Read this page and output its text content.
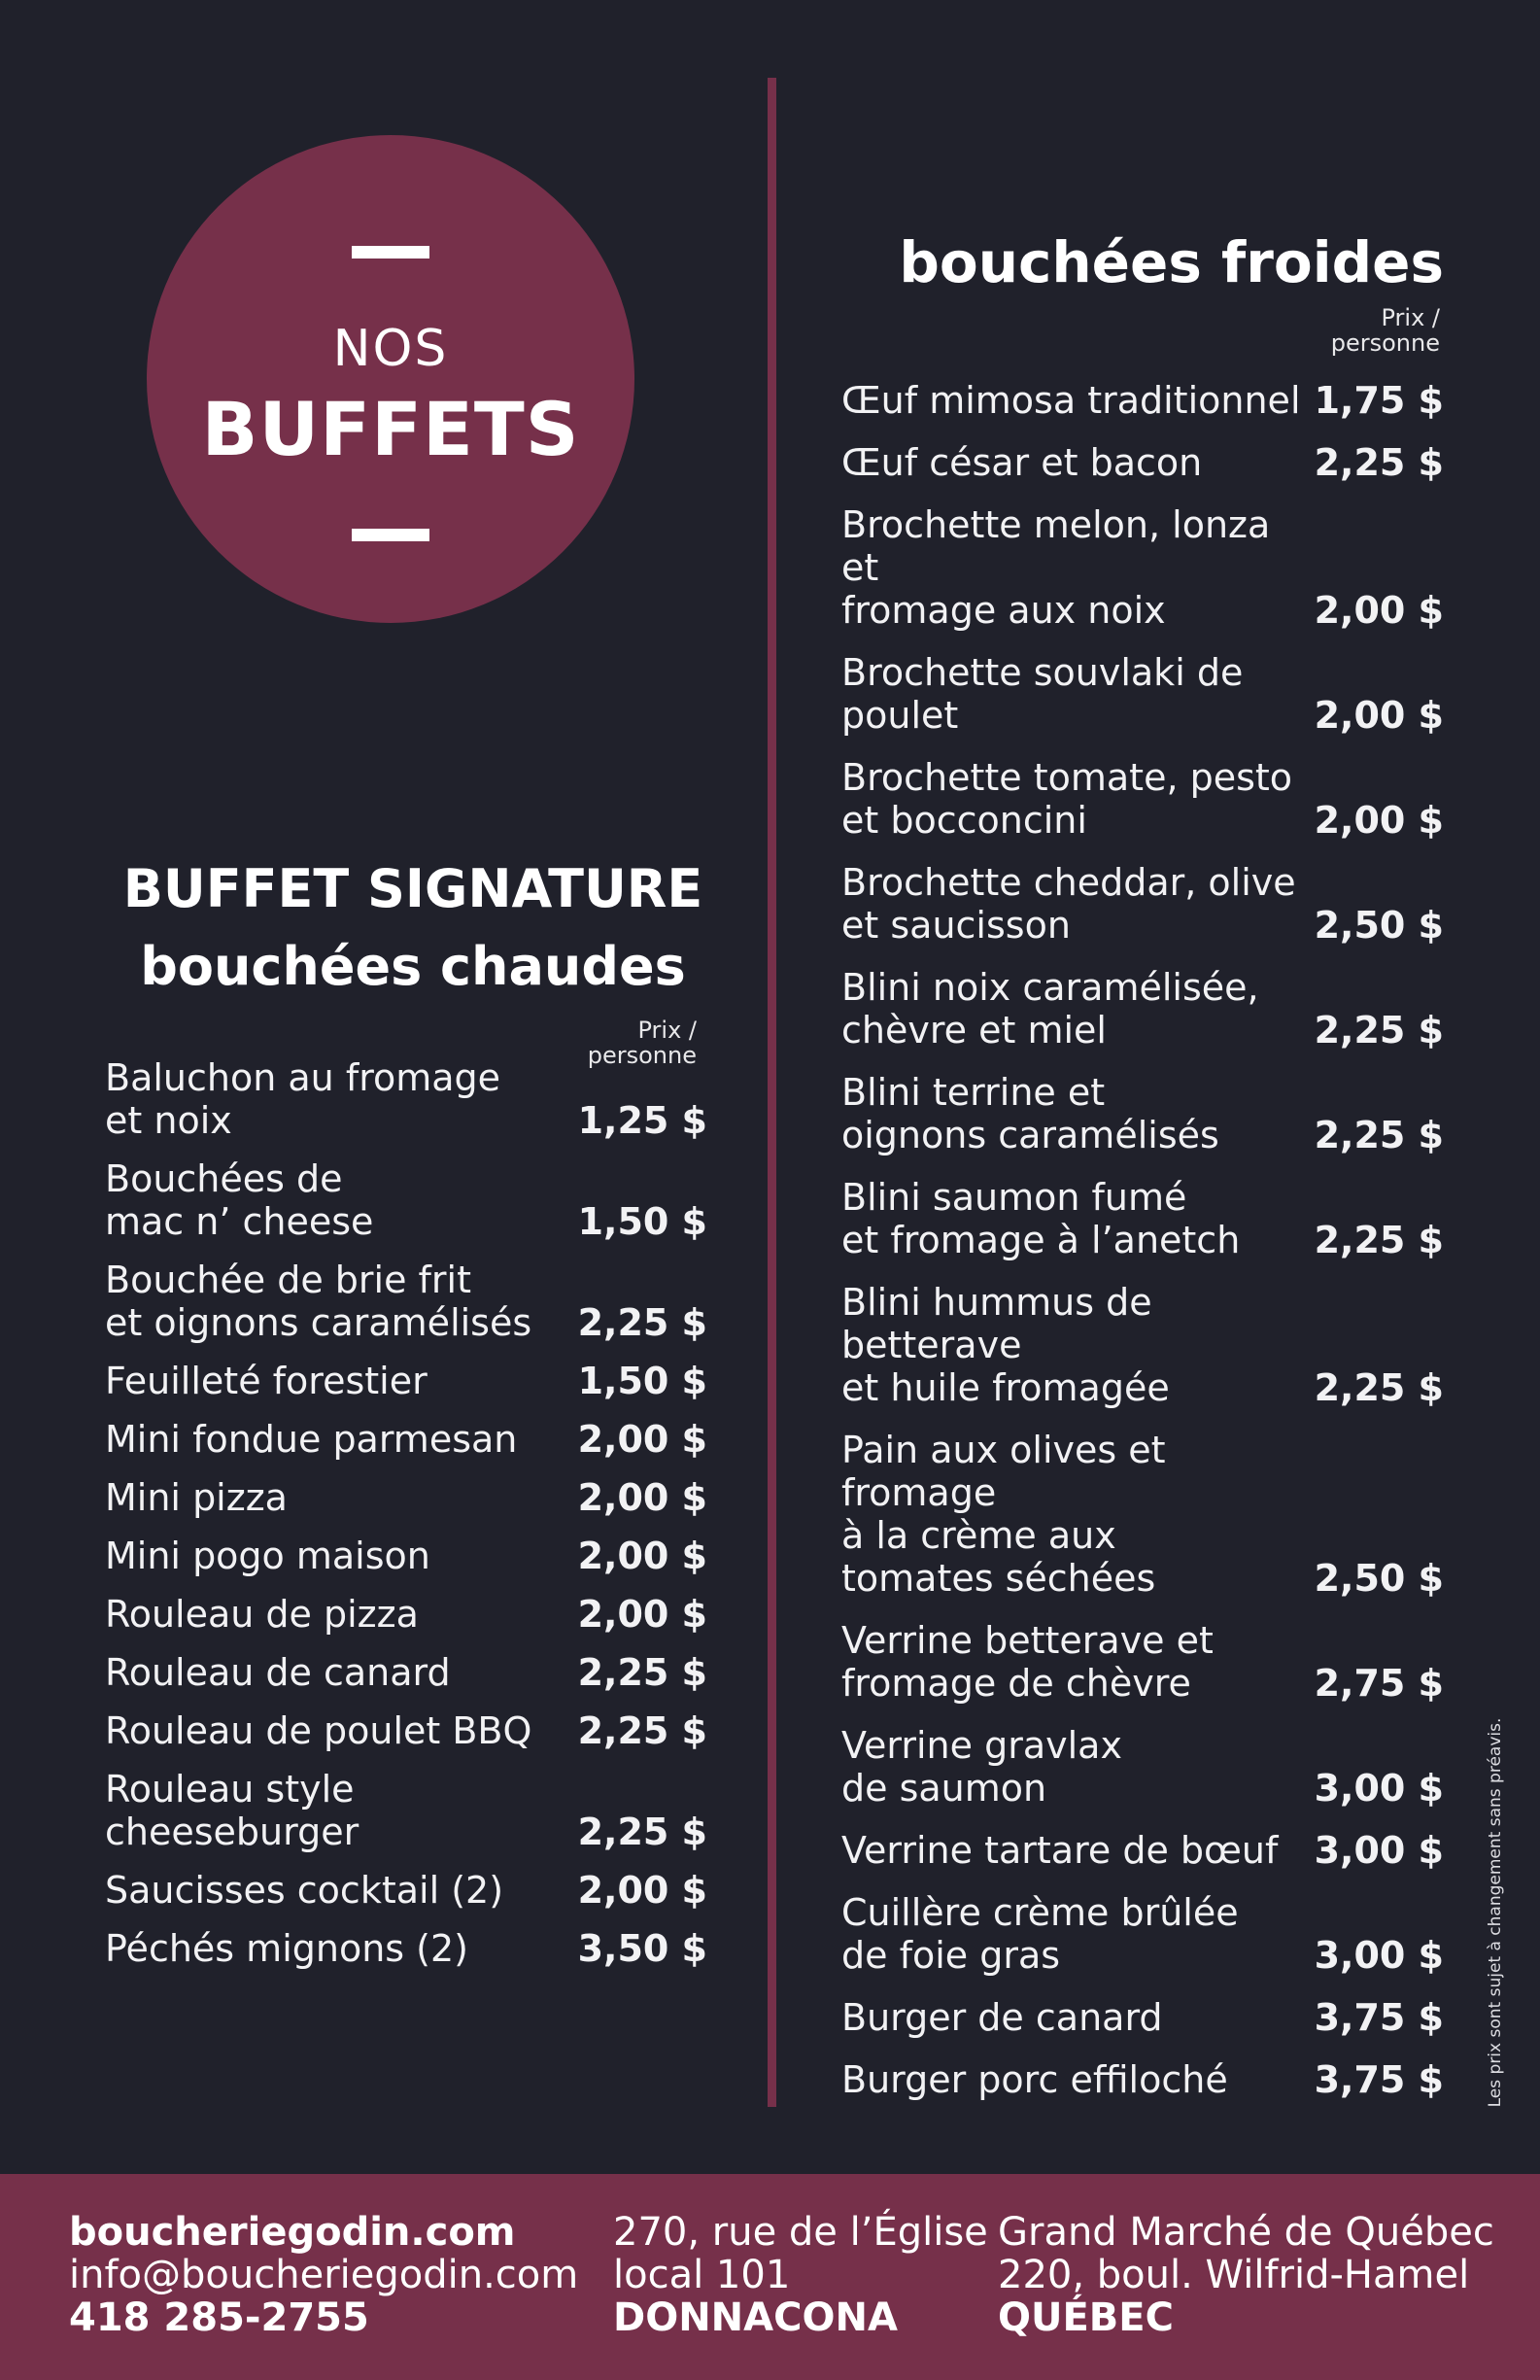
NOS
BUFFETS
BUFFET SIGNATURE
bouchées chaudes
Prix /
personne
Baluchon au fromage
et noix	1,25 $
Bouchées de
mac n’ cheese	1,50 $
Bouchée de brie frit
et oignons caramélisés	2,25 $
Feuilleté forestier	1,50 $
Mini fondue parmesan	2,00 $
Mini pizza	2,00 $
Mini pogo maison	2,00 $
Rouleau de pizza	2,00 $
Rouleau de canard	2,25 $
Rouleau de poulet BBQ	2,25 $
Rouleau style
cheeseburger	2,25 $
Saucisses cocktail (2)	2,00 $
Péchés mignons (2)	3,50 $
bouchées froides
Prix /
personne
Œuf mimosa traditionnel 1,75 $
Œuf césar et bacon	2,25 $
Brochette melon, lonza et
fromage aux noix	2,00 $
Brochette souvlaki de
poulet	2,00 $
Brochette tomate, pesto
et bocconcini	2,00 $
Brochette cheddar, olive
et saucisson	2,50 $
Blini noix caramélisée,
chèvre et miel	2,25 $
Blini terrine et
oignons caramélisés	2,25 $
Blini saumon fumé
et fromage à l’anetch	2,25 $
Blini hummus de betterave
et huile fromagée	2,25 $
Pain aux olives et fromage
à la crème aux
tomates séchées	2,50 $
Verrine betterave et
fromage de chèvre	2,75 $
Verrine gravlax
de saumon	3,00 $
Verrine tartare de bœuf 3,00 $
Cuillère crème brûlée
de foie gras	3,00 $
Burger de canard	3,75 $
Burger porc effiloché	3,75 $	Les prix sont sujet à changement sans préavis.
boucheriegodin.com
info@boucheriegodin.com
418 285-2755
270, rue de l’Église
local 101
DONNACONA
Grand Marché de Québec
220, boul. Wilfrid-Hamel
QUÉBEC
